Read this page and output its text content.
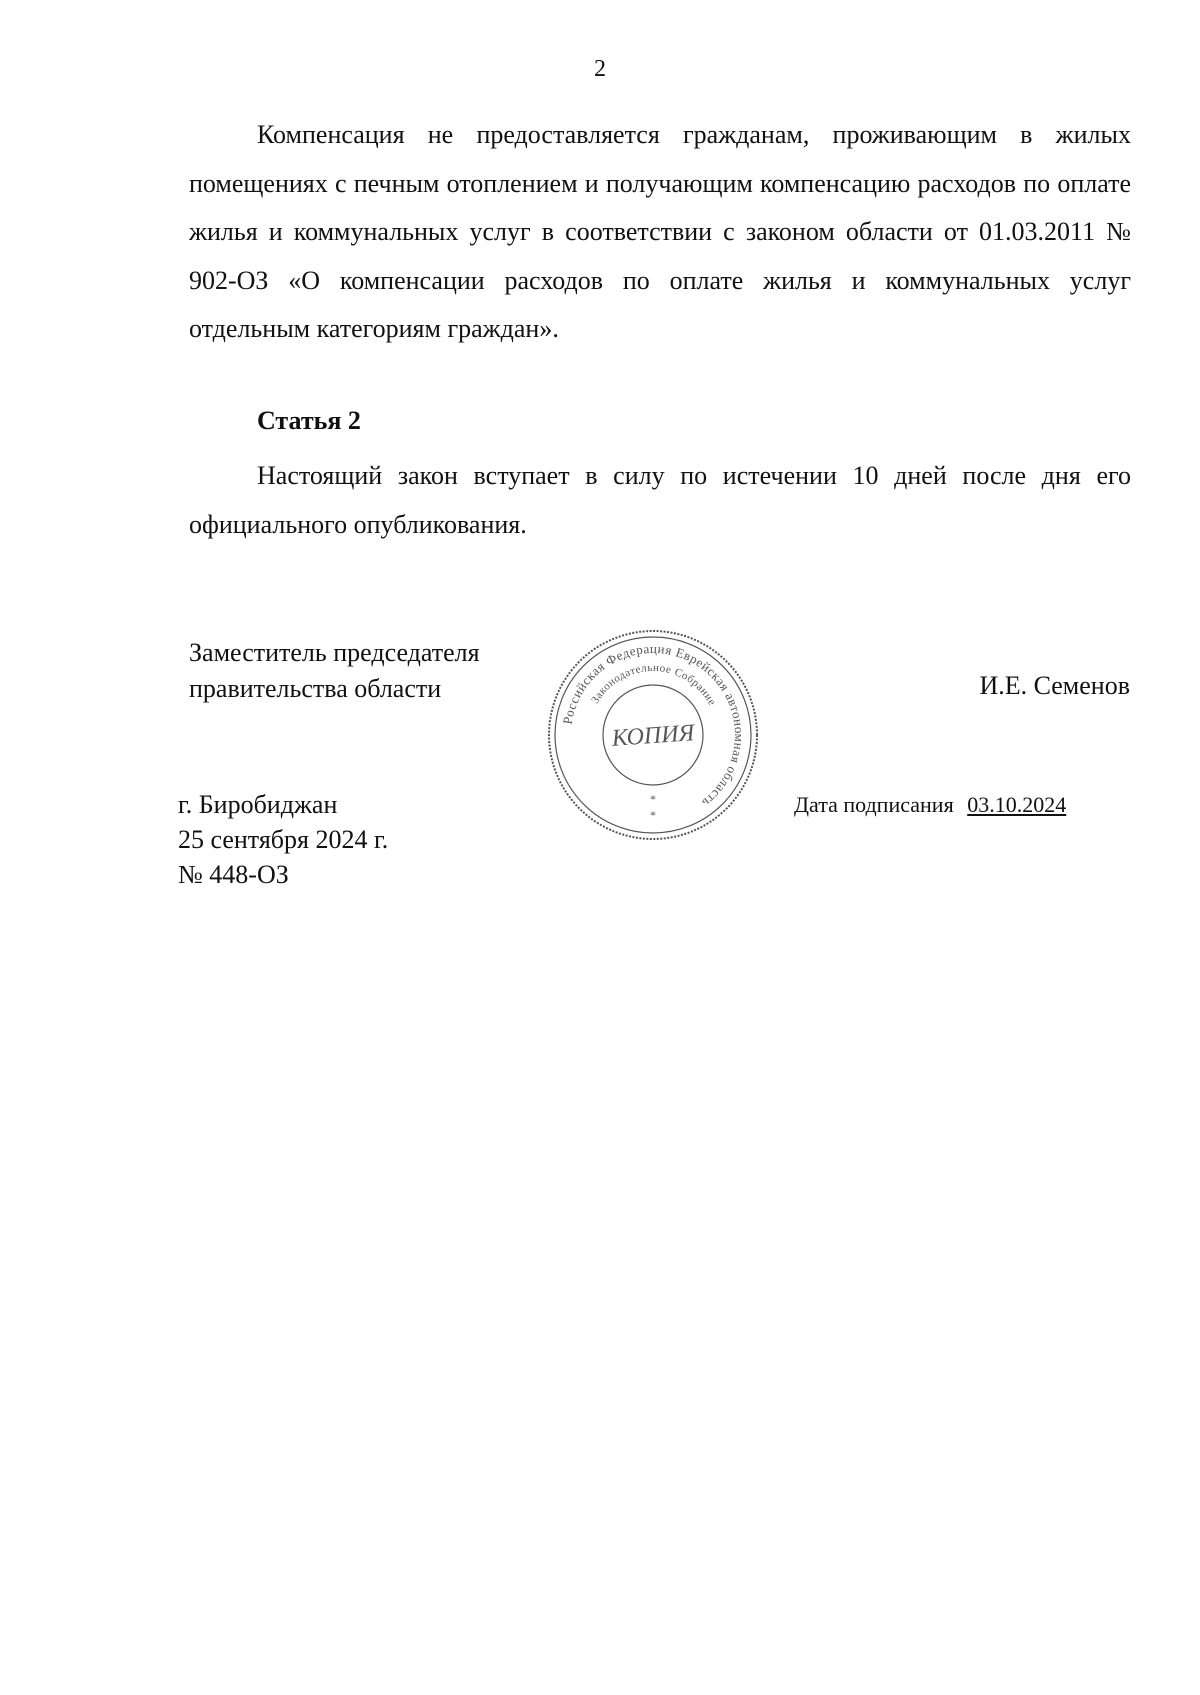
2
Компенсация не предоставляется гражданам, проживающим в жилых помещениях с печным отоплением и получающим компенсацию расходов по оплате жилья и коммунальных услуг в соответствии с законом области от 01.03.2011 № 902-ОЗ «О компенсации расходов по оплате жилья и коммунальных услуг отдельным категориям граждан».
Статья 2
Настоящий закон вступает в силу по истечении 10 дней после дня его официального опубликования.
Заместитель председателя
правительства области	И.Е. Семенов
Российская Федерация Еврейская автономная область
Законодательное Собрание
КОПИЯ
*
*
г. Биробиджан
25 сентября 2024 г.
№ 448-ОЗ
Дата подписания 03.10.2024
